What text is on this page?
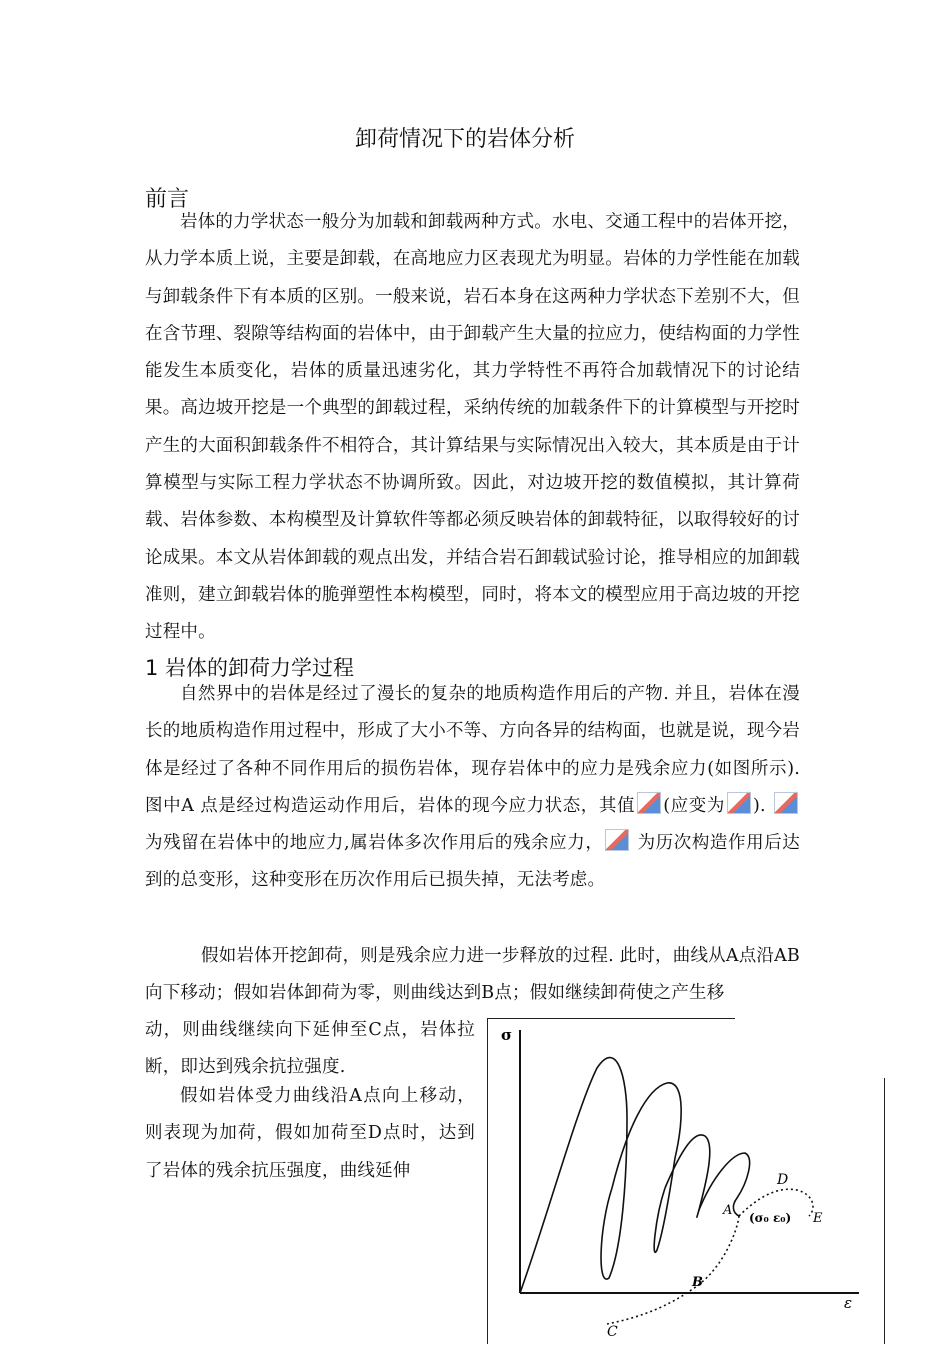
卸荷情况下的岩体分析
前言

岩体的力学状态一般分为加载和卸载两种方式。水电、交通工程中的岩体开挖，从力学本质上说，主要是卸载，在高地应力区表现尤为明显。岩体的力学性能在加载与卸载条件下有本质的区别。一般来说，岩石本身在这两种力学状态下差别不大，但在含节理、裂隙等结构面的岩体中，由于卸载产生大量的拉应力，使结构面的力学性能发生本质变化，岩体的质量迅速劣化，其力学特性不再符合加载情况下的讨论结果。高边坡开挖是一个典型的卸载过程，采纳传统的加载条件下的计算模型与开挖时产生的大面积卸载条件不相符合，其计算结果与实际情况出入较大，其本质是由于计算模型与实际工程力学状态不协调所致。因此，对边坡开挖的数值模拟，其计算荷载、岩体参数、本构模型及计算软件等都必须反映岩体的卸载特征，以取得较好的讨论成果。本文从岩体卸载的观点出发，并结合岩石卸载试验讨论，推导相应的加卸载准则，建立卸载岩体的脆弹塑性本构模型，同时，将本文的模型应用于高边坡的开挖过程中。

1 岩体的卸荷力学过程

自然界中的岩体是经过了漫长的复杂的地质构造作用后的产物. 并且，岩体在漫长的地质构造作用过程中，形成了大小不等、方向各异的结构面，也就是说，现今岩体是经过了各种不同作用后的损伤岩体，现存岩体中的应力是残余应力(如图所示). 图中A 点是经过构造运动作用后，岩体的现今应力状态，其值 (应变为 ). 为残留在岩体中的地应力,属岩体多次作用后的残余应力， 为历次构造作用后达到的总变形，这种变形在历次作用后已损失掉，无法考虑。

假如岩体开挖卸荷，则是残余应力进一步释放的过程. 此时，曲线从A点沿AB向下移动；假如岩体卸荷为零，则曲线达到B点；假如继续卸荷使之产生移

动，则曲线继续向下延伸至C点，岩体拉断，即达到残余抗拉强度.

假如岩体受力曲线沿A点向上移动，则表现为加荷，假如加荷至D点时，达到了岩体的残余抗压强度，曲线延伸

σ
ε
A
B
C
D
E
(σ₀ ε₀)
